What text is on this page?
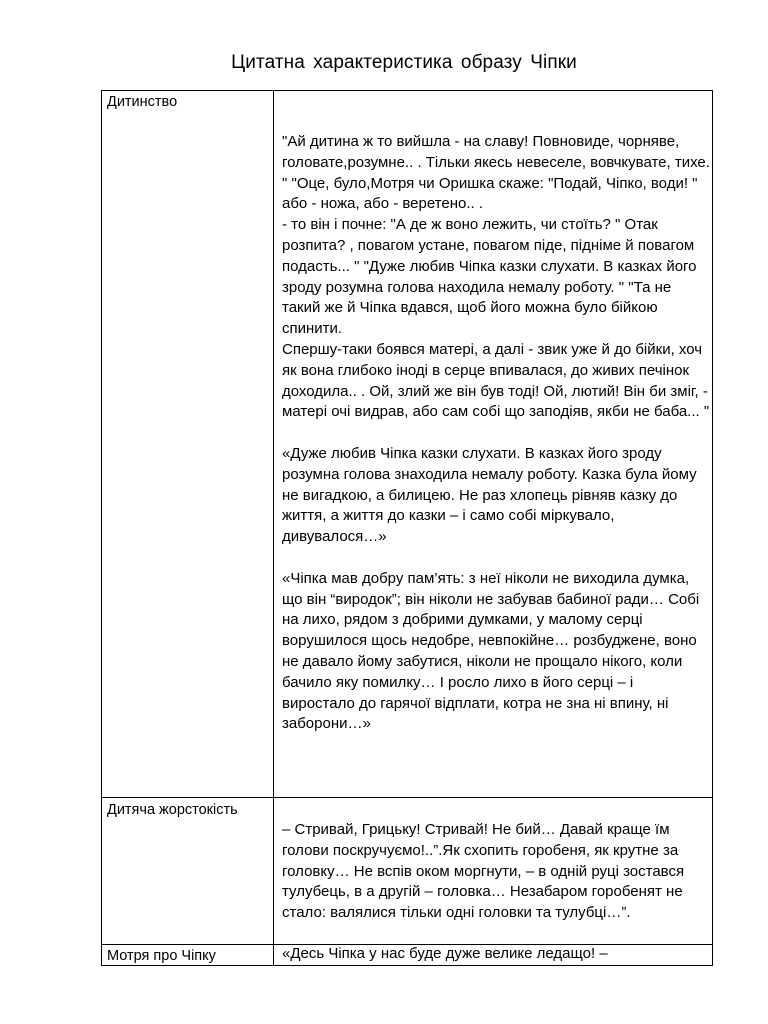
Цитатна характеристика образу Чіпки
Дитинство

"Ай дитина ж то вийшла - на славу! Повновиде, чорняве, головате,розумне.. . Тільки якесь невеселе, вовчкувате, тихе. " "Оце, було,Мотря чи Оришка скаже: "Подай, Чіпко, води! " або - ножа, або - веретено.. .

- то він і почне: "А де ж воно лежить, чи стоїть? " Отак розпита? , повагом устане, повагом піде, підніме й повагом подасть... " "Дуже любив Чіпка казки слухати. В казках його зроду розумна голова находила немалу роботу. " "Та не такий же й Чіпка вдався, щоб його можна було бійкою спинити.

Спершу-таки боявся матері, а далі - звик уже й до бійки, хоч як вона глибоко іноді в серце впивалася, до живих печінок доходила.. . Ой, злий же він був тоді! Ой, лютий! Він би зміг, - матері очі видрав, або сам собі що заподіяв, якби не баба... "

«Дуже любив Чіпка казки слухати. В казках його зроду розумна голова знаходила немалу роботу. Казка була йому не вигадкою, а билицею. Не раз хлопець рівняв казку до життя, а життя до казки – і само собі міркувало, дивувалося…»

«Чіпка мав добру пам’ять: з неї ніколи не виходила думка, що він “виродок”; він ніколи не забував бабиної ради… Собі на лихо, рядом з добрими думками, у малому серці ворушилося щось недобре, невпокійне… розбуджене, воно не давало йому забутися, ніколи не прощало нікого, коли бачило яку помилку… І росло лихо в його серці – і виростало до гарячої відплати, котра не зна ні впину, ні заборони…»

Дитяча жорстокість

– Стривай, Грицьку! Стривай! Не бий… Давай краще їм голови поскручуємо!..”.Як схопить горобеня, як крутне за головку… Не вспів оком моргнути, – в одній руці зостався тулубець, в а другій – головка… Незабаром горобенят не стало: валялися тільки одні головки та тулубці…”.

Мотря про Чіпку	«Десь Чіпка у нас буде дуже велике ледащо! –
